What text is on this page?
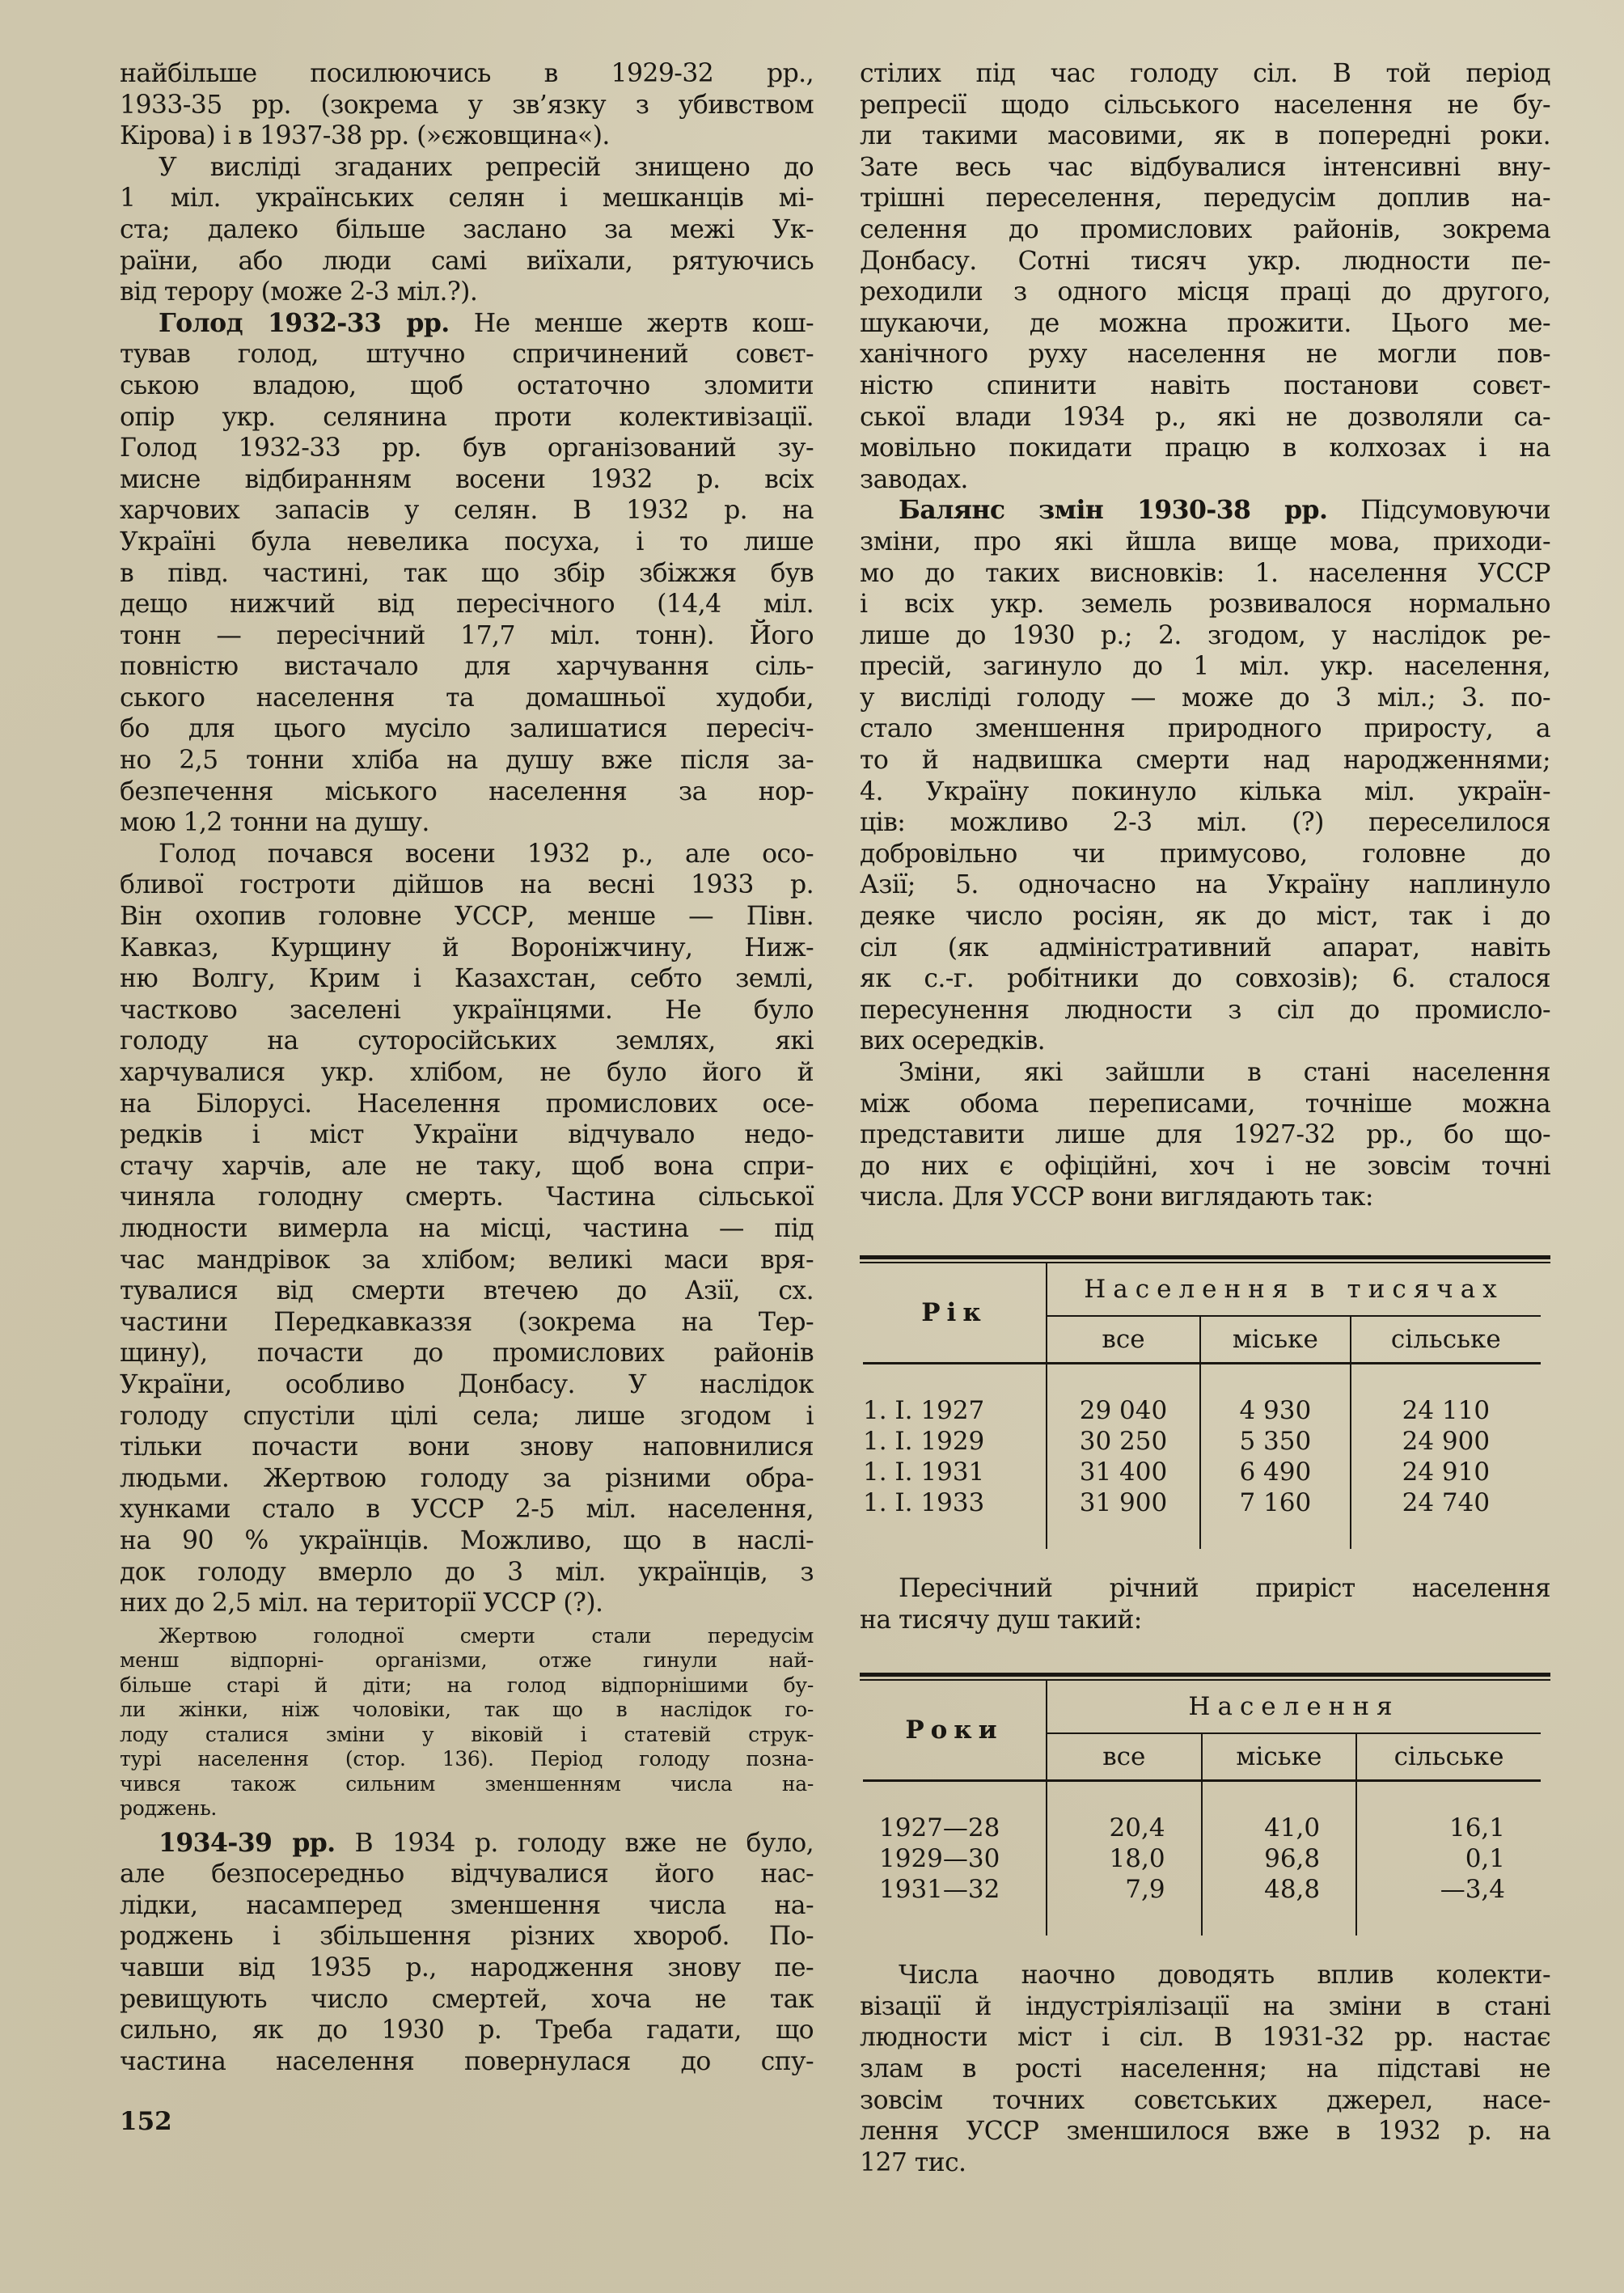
найбільше посилюючись в 1929-32 рр.,
1933-35 рр. (зокрема у зв’язку з убивством
Кірова) і в 1937-38 рр. (»єжовщина«).
У висліді згаданих репресій знищено до
1 міл. українських селян і мешканців мі-
ста; далеко більше заслано за межі Ук-
раїни, або люди самі виїхали, рятуючись
від терору (може 2-3 міл.?).
Голод 1932-33 рр. Не менше жертв кош-
тував голод, штучно спричинений совєт-
ською владою, щоб остаточно зломити
опір укр. селянина проти колективізації.
Голод 1932-33 рр. був організований зу-
мисне відбиранням восени 1932 р. всіх
харчових запасів у селян. В 1932 р. на
Україні була невелика посуха, і то лише
в півд. частині, так що збір збіжжя був
дещо нижчий від пересічного (14,4 міл.
тонн — пересічний 17,7 міл. тонн). Його
повністю вистачало для харчування сіль-
ського населення та домашньої худоби,
бо для цього мусіло залишатися пересіч-
но 2,5 тонни хліба на душу вже після за-
безпечення міського населення за нор-
мою 1,2 тонни на душу.
Голод почався восени 1932 р., але осо-
бливої гостроти дійшов на весні 1933 р.
Він охопив головне УССР, менше — Півн.
Кавказ, Курщину й Вороніжчину, Ниж-
ню Волгу, Крим і Казахстан, себто землі,
частково заселені українцями. Не було
голоду на суторосійських землях, які
харчувалися укр. хлібом, не було його й
на Білорусі. Населення промислових осе-
редків і міст України відчувало недо-
стачу харчів, але не таку, щоб вона спри-
чиняла голодну смерть. Частина сільської
людности вимерла на місці, частина — під
час мандрівок за хлібом; великі маси вря-
тувалися від смерти втечею до Азії, сх.
частини Передкавказзя (зокрема на Тер-
щину), почасти до промислових районів
України, особливо Донбасу. У наслідок
голоду спустіли цілі села; лише згодом і
тільки почасти вони знову наповнилися
людьми. Жертвою голоду за різними обра-
хунками стало в УССР 2-5 міл. населення,
на 90 % українців. Можливо, що в наслі-
док голоду вмерло до 3 міл. українців, з
них до 2,5 міл. на території УССР (?).
Жертвою голодної смерти стали передусім
менш відпорні- організми, отже гинули най-
більше старі й діти; на голод відпорнішими бу-
ли жінки, ніж чоловіки, так що в наслідок го-
лоду сталися зміни у віковій і статевій струк-
турі населення (стор. 136). Період голоду позна-
чився також сильним зменшенням числа на-
роджень.
1934-39 рр. В 1934 р. голоду вже не було,
але безпосередньо відчувалися його нас-
лідки, насамперед зменшення числа на-
роджень і збільшення різних хвороб. По-
чавши від 1935 р., народження знову пе-
ревищують число смертей, хоча не так
сильно, як до 1930 р. Треба гадати, що
частина населення повернулася до спу-
152
стілих під час голоду сіл. В той період
репресії щодо сільського населення не бу-
ли такими масовими, як в попередні роки.
Зате весь час відбувалися інтенсивні вну-
трішні переселення, передусім доплив на-
селення до промислових районів, зокрема
Донбасу. Сотні тисяч укр. людности пе-
реходили з одного місця праці до другого,
шукаючи, де можна прожити. Цього ме-
ханічного руху населення не могли пов-
ністю спинити навіть постанови совєт-
ської влади 1934 р., які не дозволяли са-
мовільно покидати працю в колхозах і на
заводах.
Балянс змін 1930-38 рр. Підсумовуючи
зміни, про які йшла вище мова, приходи-
мо до таких висновків: 1. населення УССР
і всіх укр. земель розвивалося нормально
лише до 1930 р.; 2. згодом, у наслідок ре-
пресій, загинуло до 1 міл. укр. населення,
у висліді голоду — може до 3 міл.; 3. по-
стало зменшення природного приросту, а
то й надвишка смерти над народженнями;
4. Україну покинуло кілька міл. україн-
ців: можливо 2-3 міл. (?) переселилося
добровільно чи примусово, головне до
Азії; 5. одночасно на Україну наплинуло
деяке число росіян, як до міст, так і до
сіл (як адміністративний апарат, навіть
як с.-г. робітники до совхозів); 6. сталося
пересунення людности з сіл до промисло-
вих осередків.
Зміни, які зайшли в стані населення
між обома переписами, точніше можна
представити лише для 1927-32 рр., бо що-
до них є офіційні, хоч і не зовсім точні
числа. Для УССР вони виглядають так:
Рік	Населення в тисячах		
	все	міське	сільське

1. I. 1927	29 040	4 930	24 110
1. I. 1929	30 250	5 350	24 900
1. I. 1931	31 400	6 490	24 910
1. I. 1933	31 900	7 160	24 740

Пересічний річний приріст населення
на тисячу душ такий:
Роки	Населення		
	все	міське	сільське

1927—28	20,4	41,0	16,1
1929—30	18,0	96,8	0,1
1931—32	7,9	48,8	—3,4

Числа наочно доводять вплив колекти-
візації й індустріялізації на зміни в стані
людности міст і сіл. В 1931-32 рр. настає
злам в рості населення; на підставі не
зовсім точних совєтських джерел, насе-
лення УССР зменшилося вже в 1932 р. на
127 тис.
